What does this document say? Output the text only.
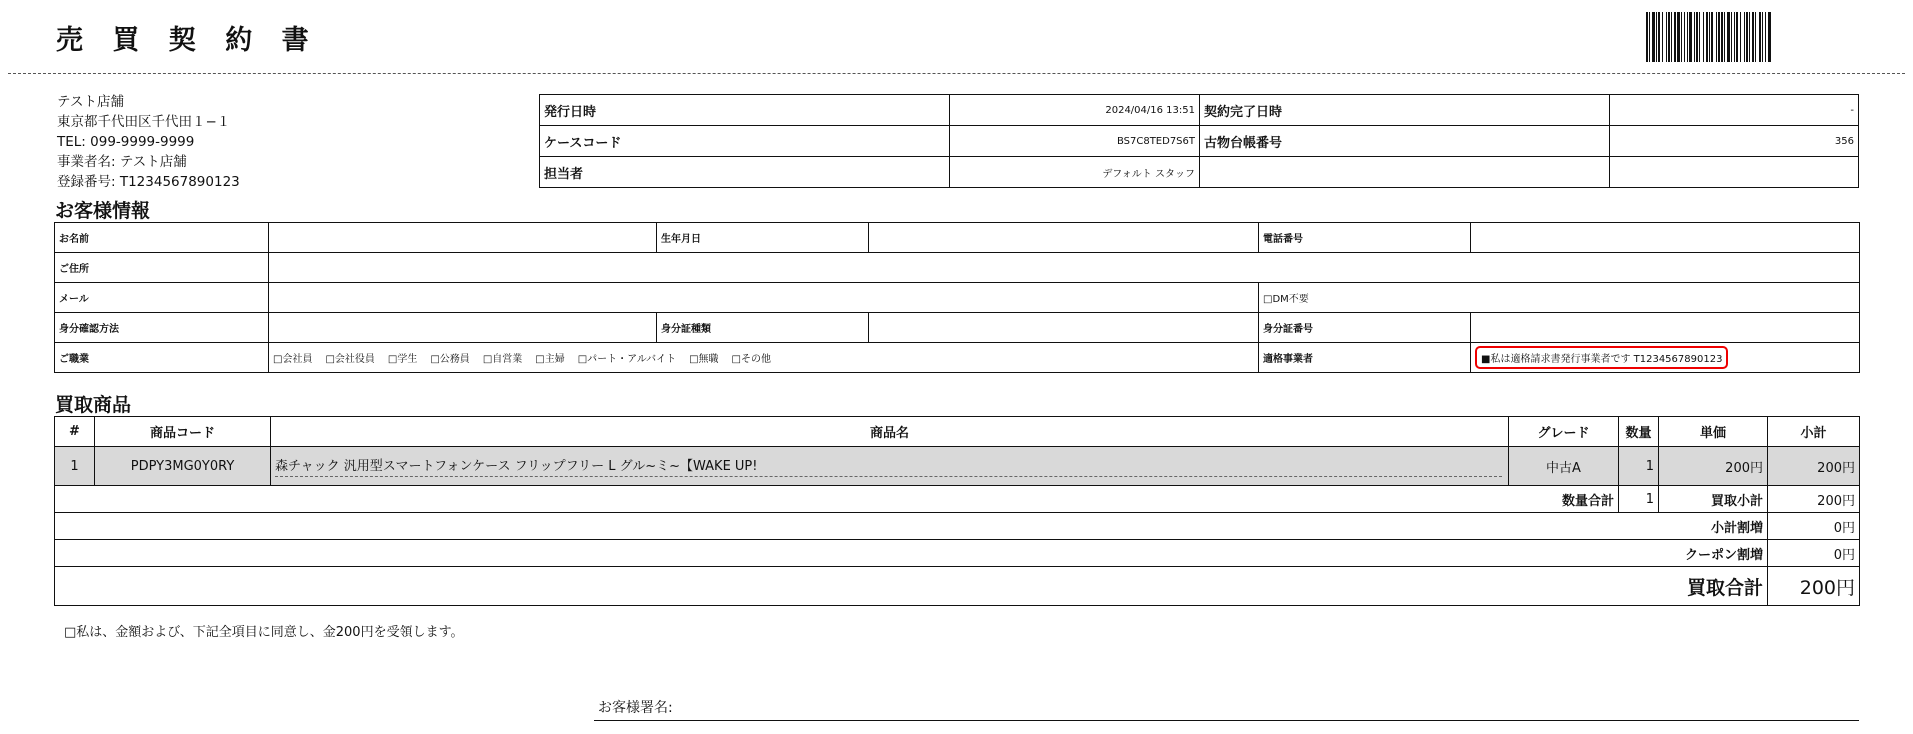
売 買 契 約 書
テスト店舗
東京都千代田区千代田１−１
TEL: 099-9999-9999
事業者名: テスト店舗
登録番号: T1234567890123
発行日時	2024/04/16 13:51	契約完了日時	-
ケースコード	BS7C8TED7S6T	古物台帳番号	356
担当者	デフォルト スタッフ		
お客様情報
お名前		生年月日		電話番号	
ご住所					
メール				□DM不要	
身分確認方法		身分証種類		身分証番号	
ご職業	□会社員 □会社役員 □学生 □公務員 □自営業 □主婦 □パート・アルバイト □無職 □その他			適格事業者	■私は適格請求書発行事業者です T1234567890123
買取商品
#	商品コード	商品名	グレード	数量	単価	小計
1	PDPY3MG0Y0RY	森チャック 汎用型スマートフォンケース フリップフリー L グル~ミ~【WAKE UP!	中古A	1	200円	200円
数量合計				1	買取小計	200円
小計割増						0円
クーポン割増						0円
買取合計						200円
□私は、金額および、下記全項目に同意し、金200円を受領します。
お客様署名:
